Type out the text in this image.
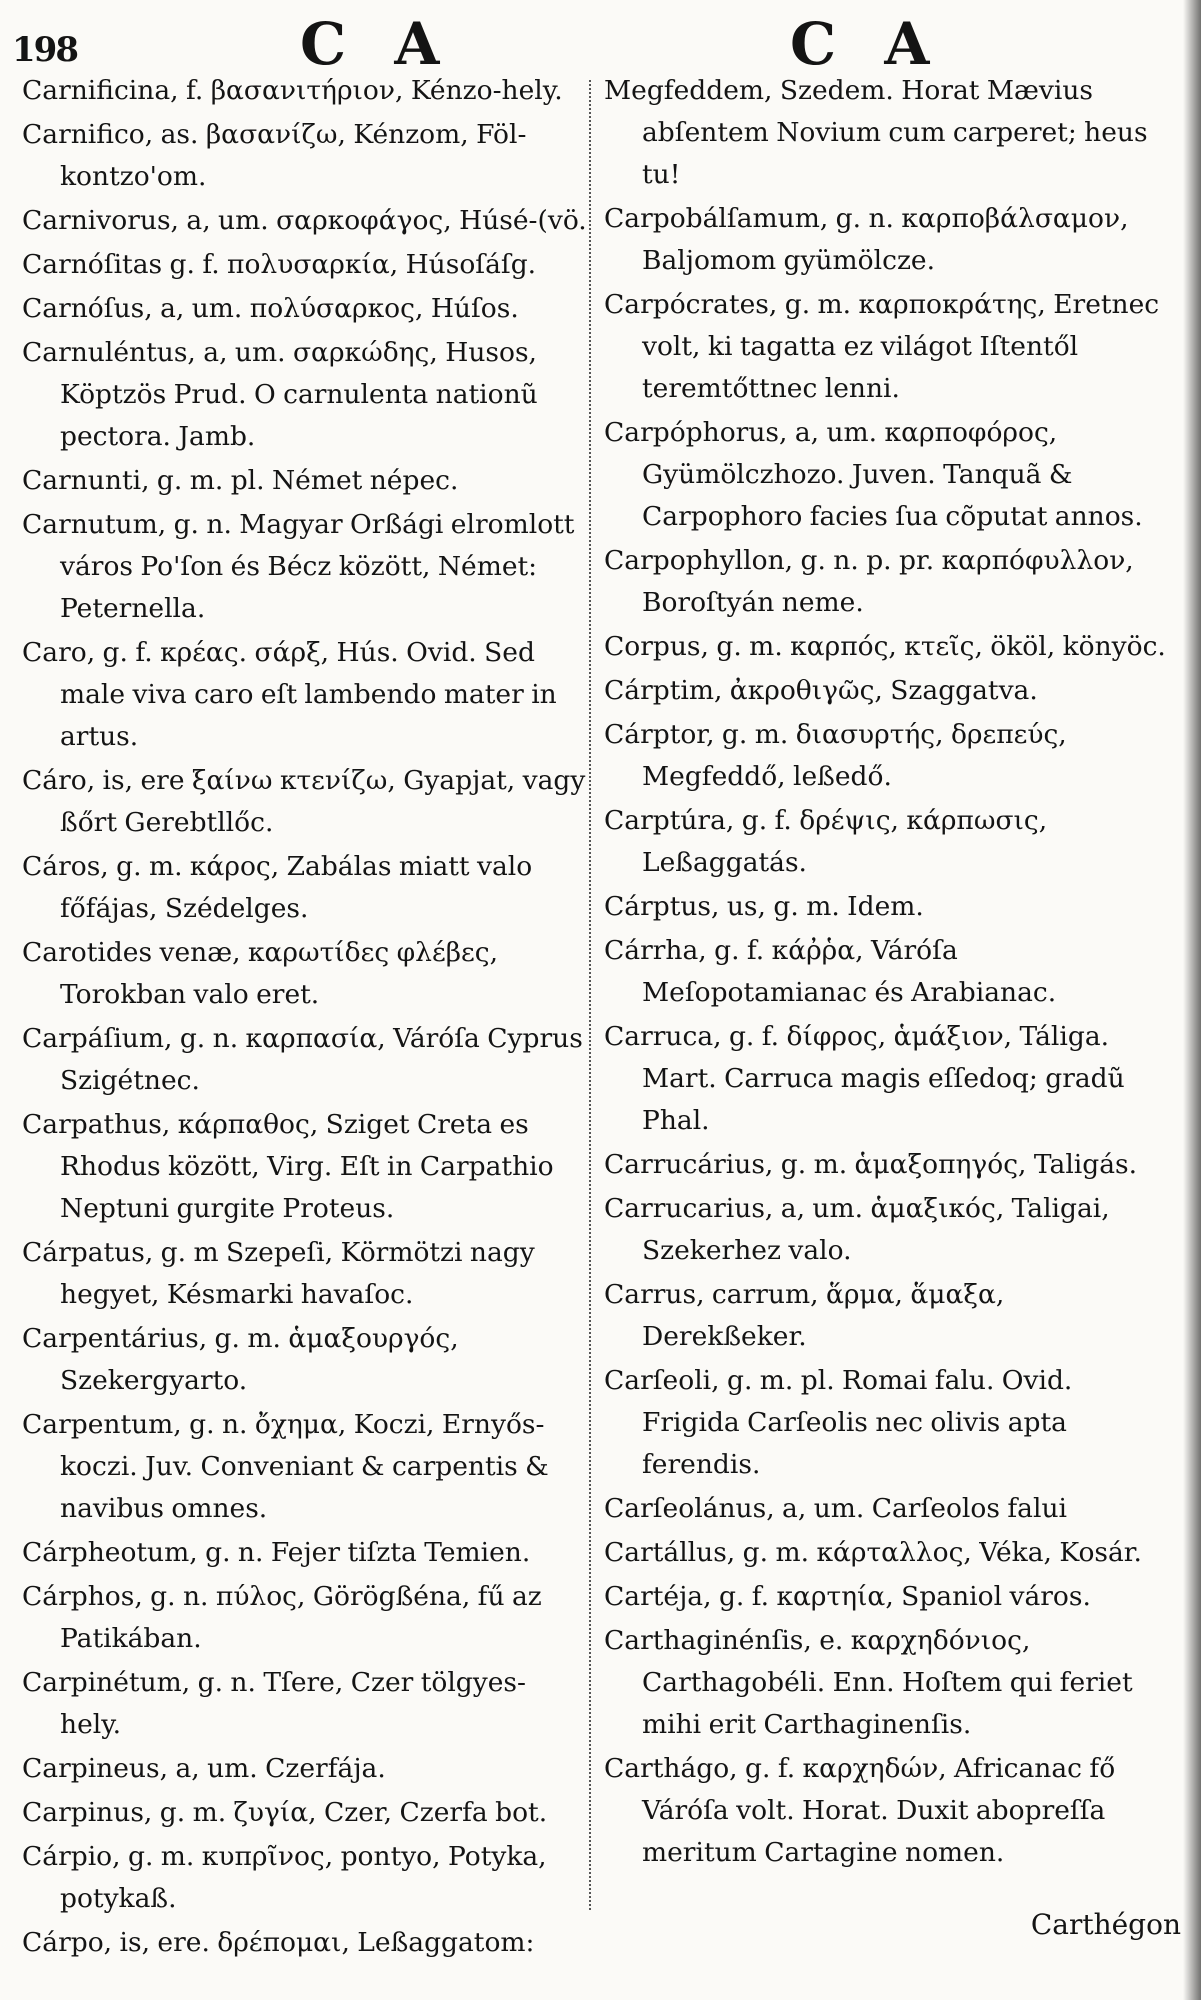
198	C A	C A

Carnificina, f. βασανιτήριον, Kénzo-hely.

Carnifico, as. βασανίζω, Kénzom, Föl-kontzo'om.

Carnivorus, a, um. σαρκοφάγος, Húsé-(vö.

Carnóſitas g. f. πολυσαρκία, Húsoſáſg.

Carnóſus, a, um. πολύσαρκος, Húſos.

Carnuléntus, a, um. σαρκώδης, Husos, Köptzös Prud. O carnulenta nationũ pectora. Jamb.

Carnunti, g. m. pl. Német népec.

Carnutum, g. n. Magyar Orßági elromlott város Po'ſon és Bécz között, Német: Peternella.

Caro, g. f. κρέας. σάρξ, Hús. Ovid. Sed male viva caro eſt lambendo mater in artus.

Cáro, is, ere ξαίνω κτενίζω, Gyapjat, vagy ßőrt Gerebtllőc.

Cáros, g. m. κάρος, Zabálas miatt valo főfájas, Szédelges.

Carotides venæ, καρωτίδες φλέβες, Torokban valo eret.

Carpáſium, g. n. καρπασία, Váróſa Cyprus Szigétnec.

Carpathus, κάρπαθος, Sziget Creta es Rhodus között, Virg. Eſt in Carpathio Neptuni gurgite Proteus.

Cárpatus, g. m Szepeſi, Körmötzi nagy hegyet, Késmarki havaſoc.

Carpentárius, g. m. ἁμαξουργός, Szekergyarto.

Carpentum, g. n. ὄχημα, Koczi, Ernyős-koczi. Juv. Conveniant & carpentis & navibus omnes.

Cárpheotum, g. n. Fejer tiſzta Temien.

Cárphos, g. n. πύλος, Görögßéna, fű az Patikában.

Carpinétum, g. n. Tſere, Czer tölgyes-hely.

Carpineus, a, um. Czerfája.

Carpinus, g. m. ζυγία, Czer, Czerfa bot.

Cárpio, g. m. κυπρῖνος, pontyo, Potyka, potykaß.

Cárpo, is, ere. δρέπομαι, Leßaggatom:

Megfeddem, Szedem. Horat Mævius abſentem Novium cum carperet; heus tu!

Carpobálſamum, g. n. καρποβάλσαμον, Baljomom gyümölcze.

Carpócrates, g. m. καρποκράτης, Eretnec volt, ki tagatta ez világot Iſtentől teremtőttnec lenni.

Carpóphorus, a, um. καρποφόρος, Gyümölczhozo. Juven. Tanquã & Carpophoro facies ſua cõputat annos.

Carpophyllon, g. n. p. pr. καρπόφυλλον, Boroſtyán neme.

Corpus, g. m. καρπός, κτεῖς, ököl, könyöc.

Cárptim, ἀκροθιγῶς, Szaggatva.

Cárptor, g. m. διασυρτής, δρεπεύς, Megfeddő, leßedő.

Carptúra, g. f. δρέψις, κάρπωσις, Leßaggatás.

Cárptus, us, g. m. Idem.

Cárrha, g. f. κάῤῥα, Váróſa Meſopotamianac és Arabianac.

Carruca, g. f. δίφρος, ἁμάξιον, Táliga. Mart. Carruca magis eſſedoq; gradũ Phal.

Carrucárius, g. m. ἁμαξοπηγός, Taligás.

Carrucarius, a, um. ἁμαξικός, Taligai, Szekerhez valo.

Carrus, carrum, ἅρμα, ἅμαξα, Derekßeker.

Carſeoli, g. m. pl. Romai falu. Ovid. Frigida Carſeolis nec olivis apta ferendis.

Carſeolánus, a, um. Carſeolos falui

Cartállus, g. m. κάρταλλος, Véka, Kosár.

Cartéja, g. f. καρτηία, Spaniol város.

Carthaginénſis, e. καρχηδόνιος, Carthagobéli. Enn. Hoſtem qui feriet mihi erit Carthaginenſis.

Carthágo, g. f. καρχηδών, Africanac fő Váróſa volt. Horat. Duxit abopreſſa meritum Cartagine nomen.

Carthégon
